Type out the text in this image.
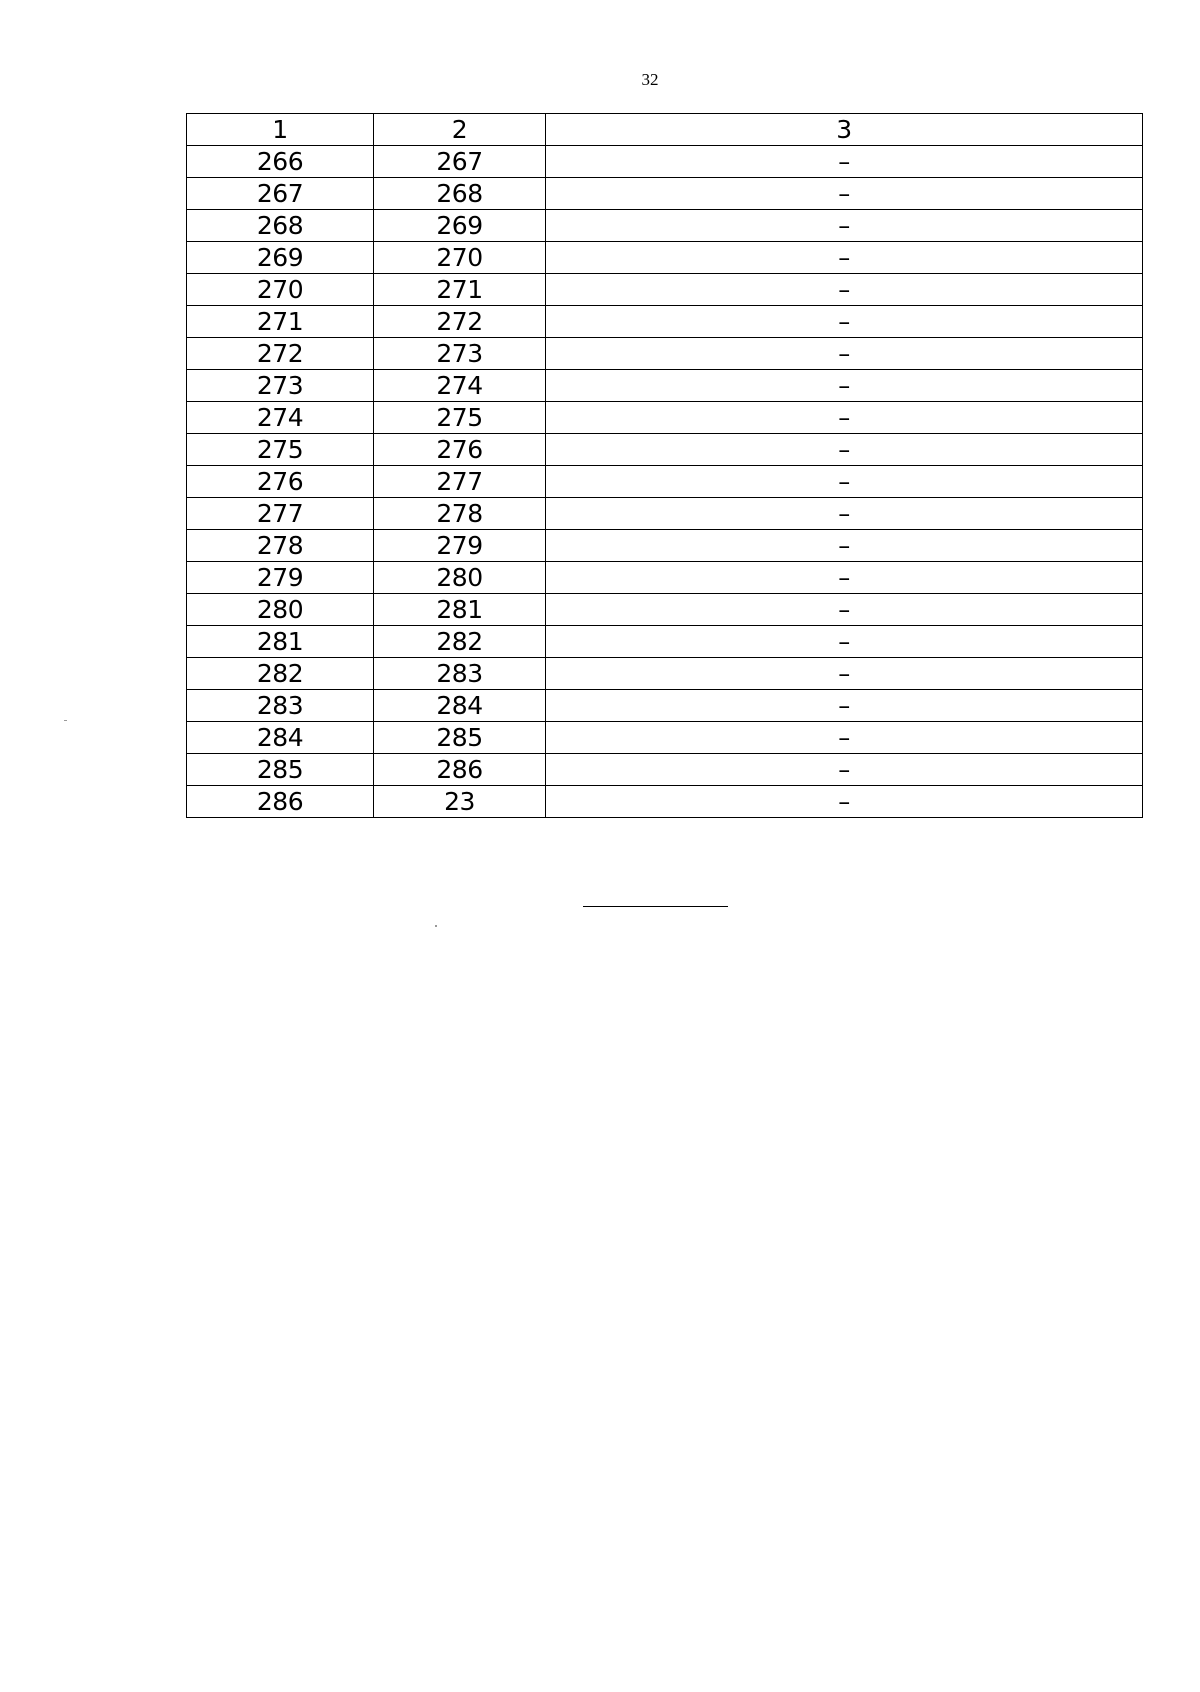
32
1	2	3
266	267	–
267	268	–
268	269	–
269	270	–
270	271	–
271	272	–
272	273	–
273	274	–
274	275	–
275	276	–
276	277	–
277	278	–
278	279	–
279	280	–
280	281	–
281	282	–
282	283	–
283	284	–
284	285	–
285	286	–
286	23	–
